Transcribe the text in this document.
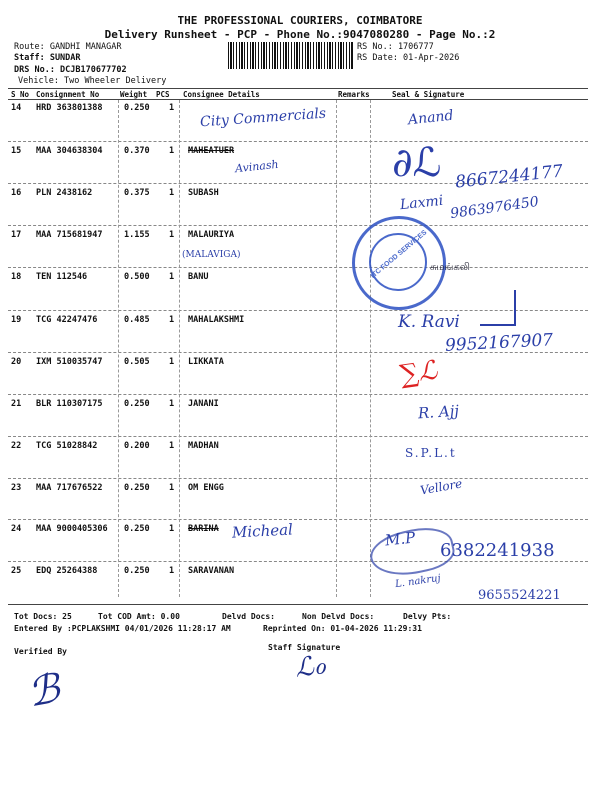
THE PROFESSIONAL COURIERS, COIMBATORE
Delivery Runsheet - PCP - Phone No.:9047080280 - Page No.:2
Route: GANDHI MANAGAR
Staff: SUNDAR
DRS No.: DCJB170677702
Vehicle: Two Wheeler Delivery
RS No.: 1706777
RS Date: 01-Apr-2026
S No Consignment No	Weight PCS Consignee Details	Remarks	Seal & Signature
14 HRD 363801388	0.250 1
15 MAA 304638304	0.370 1 MAHEATUER
16 PLN 2438162	0.375 1 SUBASH
17 MAA 715681947	1.155 1 MALAURIYA
18 TEN 112546	0.500 1 BANU
19 TCG 42247476	0.485 1 MAHALAKSHMI
20 IXM 510035747	0.505 1 LIKKATA
21 BLR 110307175	0.250 1 JANANI
22 TCG 51028842	0.200 1 MADHAN
23 MAA 717676522	0.250 1 OM ENGG
24 MAA 9000405306 0.250 1 BARINA
25 EDQ 25264388	0.250 1 SARAVANAN
City Commercials
Avinash
(MALAVIGA)
Micheal
Anand
∂ℒ 8667244177
Laxmi 9863976450
ITC FOOD SERVICES சுமங்கலி
K. Ravi
9952167907
∑ℒ
R. Ajj
S.P.L.t
Vellore
M.P
6382241938
L. nakruj
9655524221
Tot Docs: 25	Tot COD Amt: 0.00	Delvd Docs:	Non Delvd Docs:	Delvy Pts:
Entered By :PCPLAKSHMI 04/01/2026 11:28:17 AM	Reprinted On: 01-04-2026 11:29:31
Verified By	Staff Signature
ℬ	ℒℴ
